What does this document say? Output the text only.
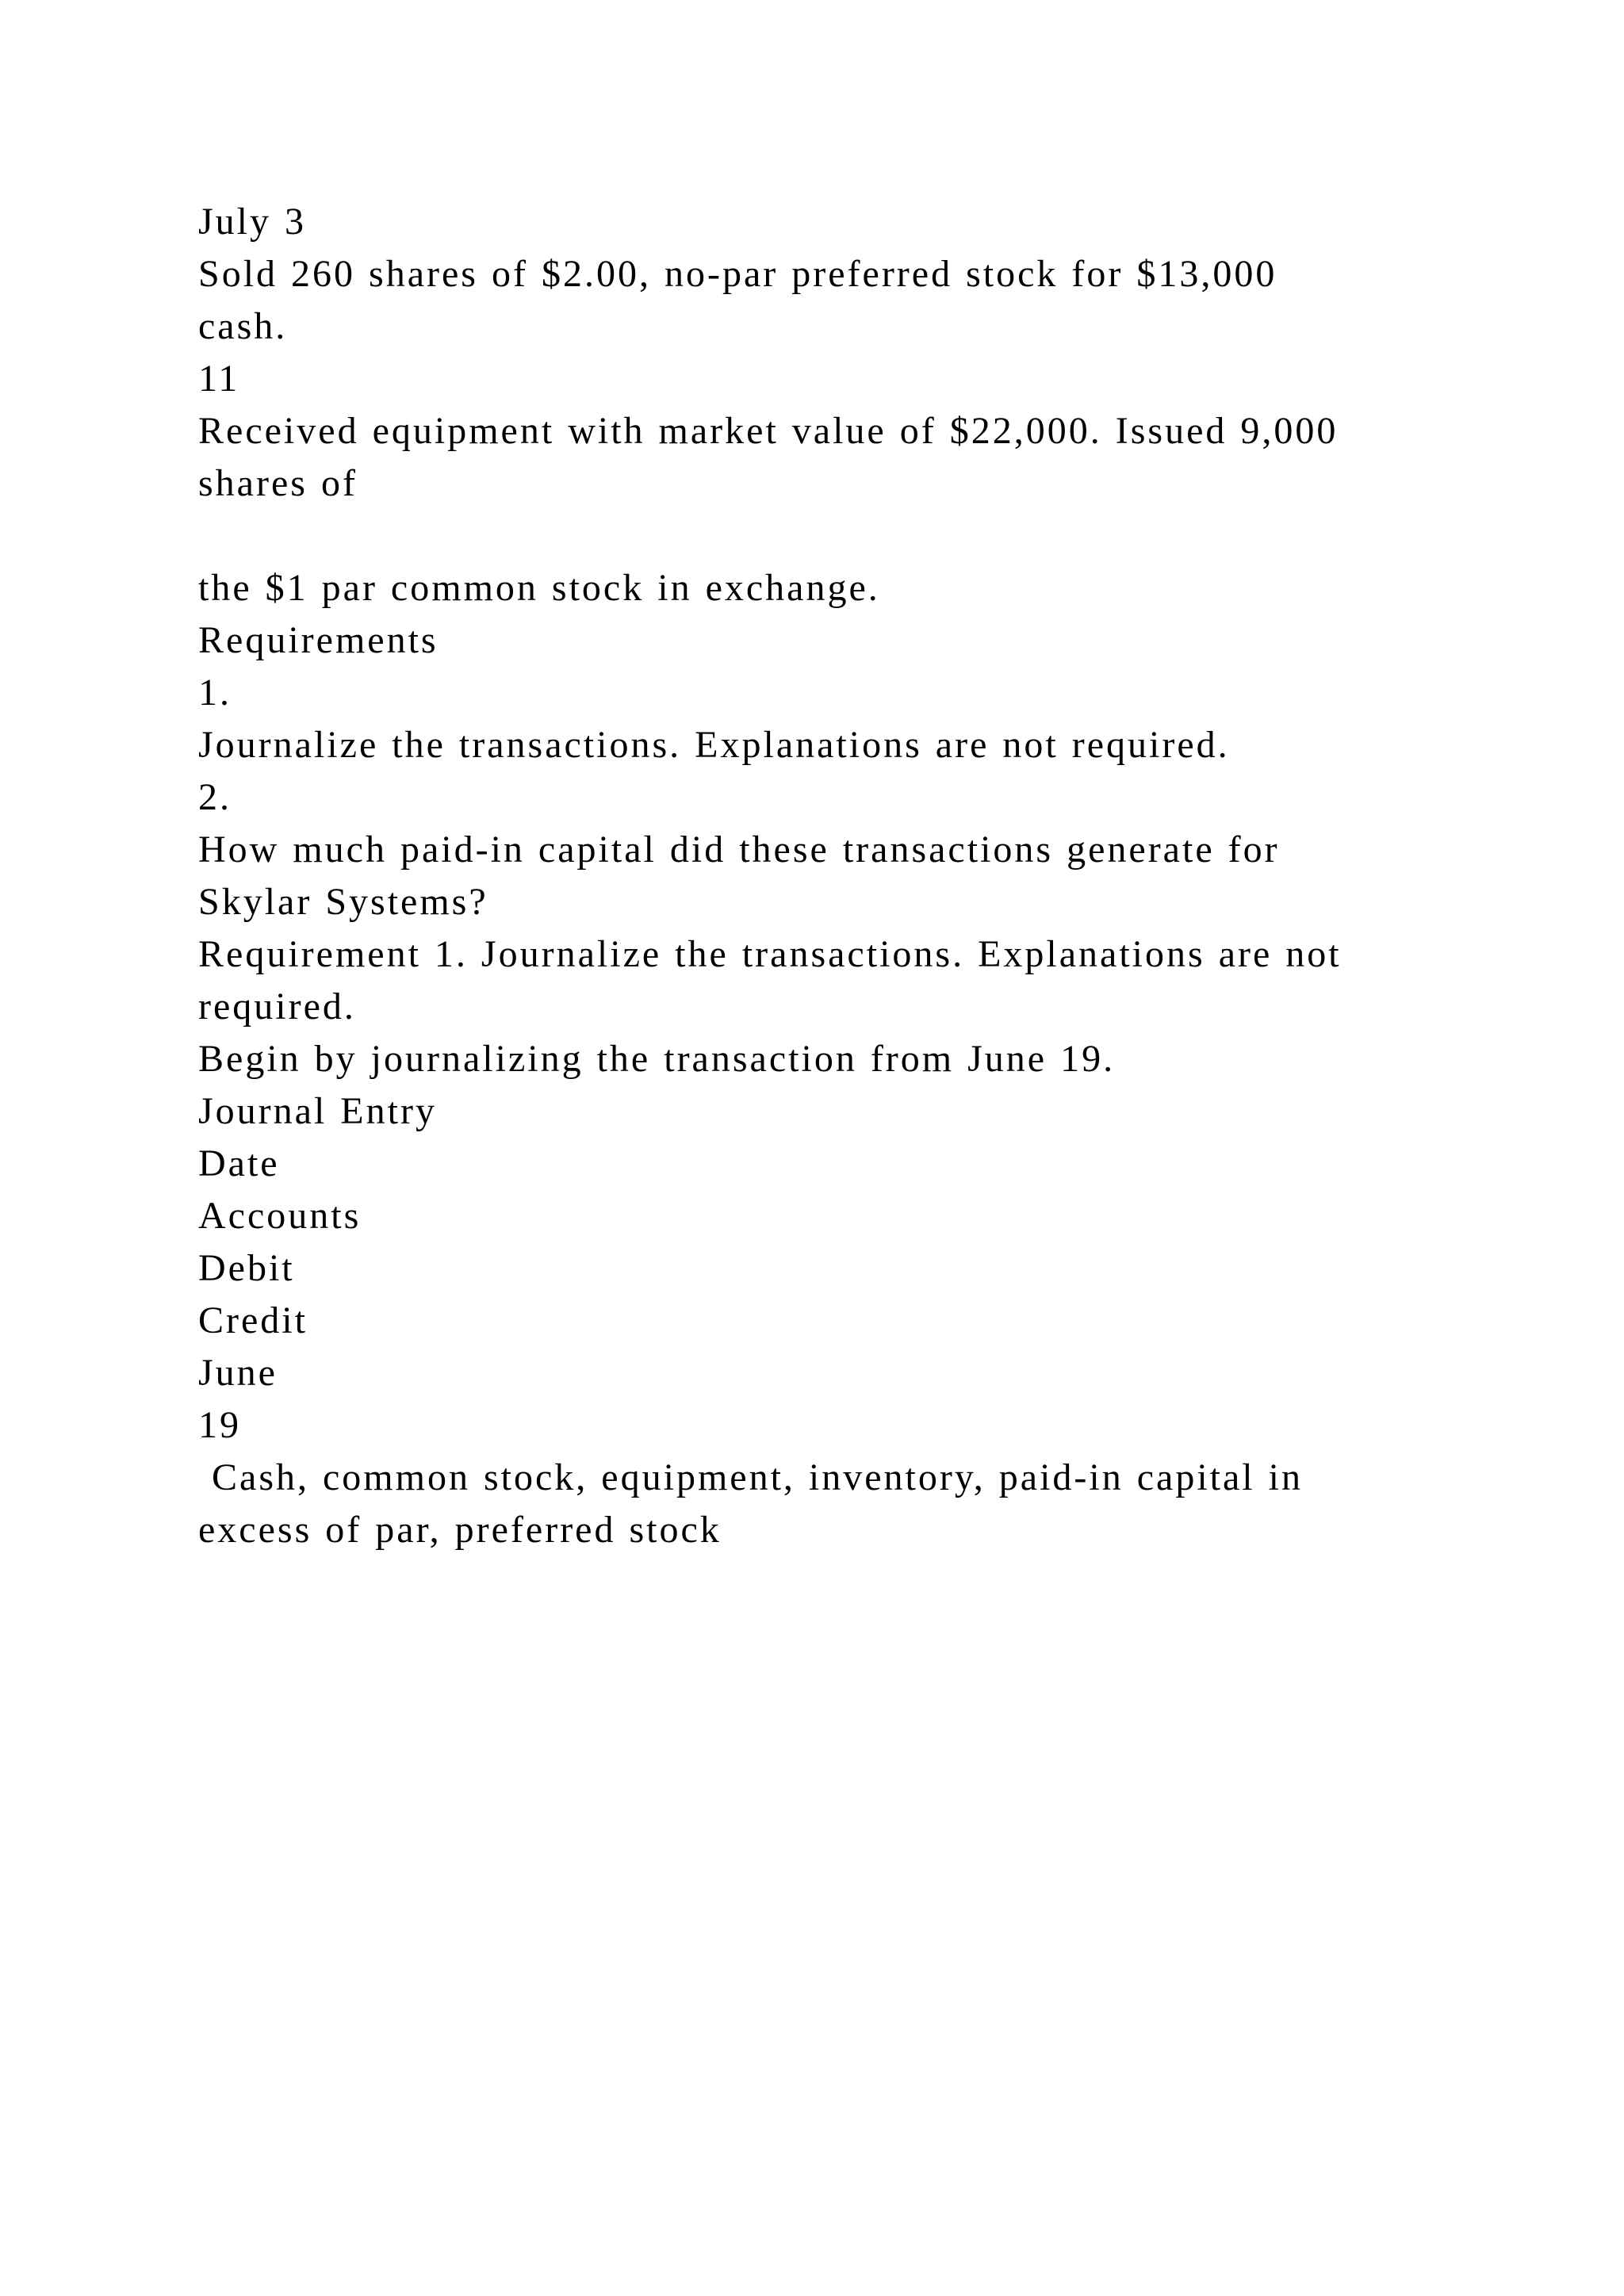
July 3
Sold 260 shares of $2.00, no-par preferred stock for $13,000
cash.
11
Received equipment with market value of $22,000. Issued 9,000
shares of
the $1 par common stock in exchange.
Requirements
1.
Journalize the transactions. Explanations are not required.
2.
How much paid-in capital did these transactions generate for
Skylar Systems?
Requirement 1. Journalize the transactions. Explanations are not
required.
Begin by journalizing the transaction from June 19.
Journal Entry
Date
Accounts
Debit
Credit
June
19
Cash, common stock, equipment, inventory, paid-in capital in
excess of par, preferred stock
